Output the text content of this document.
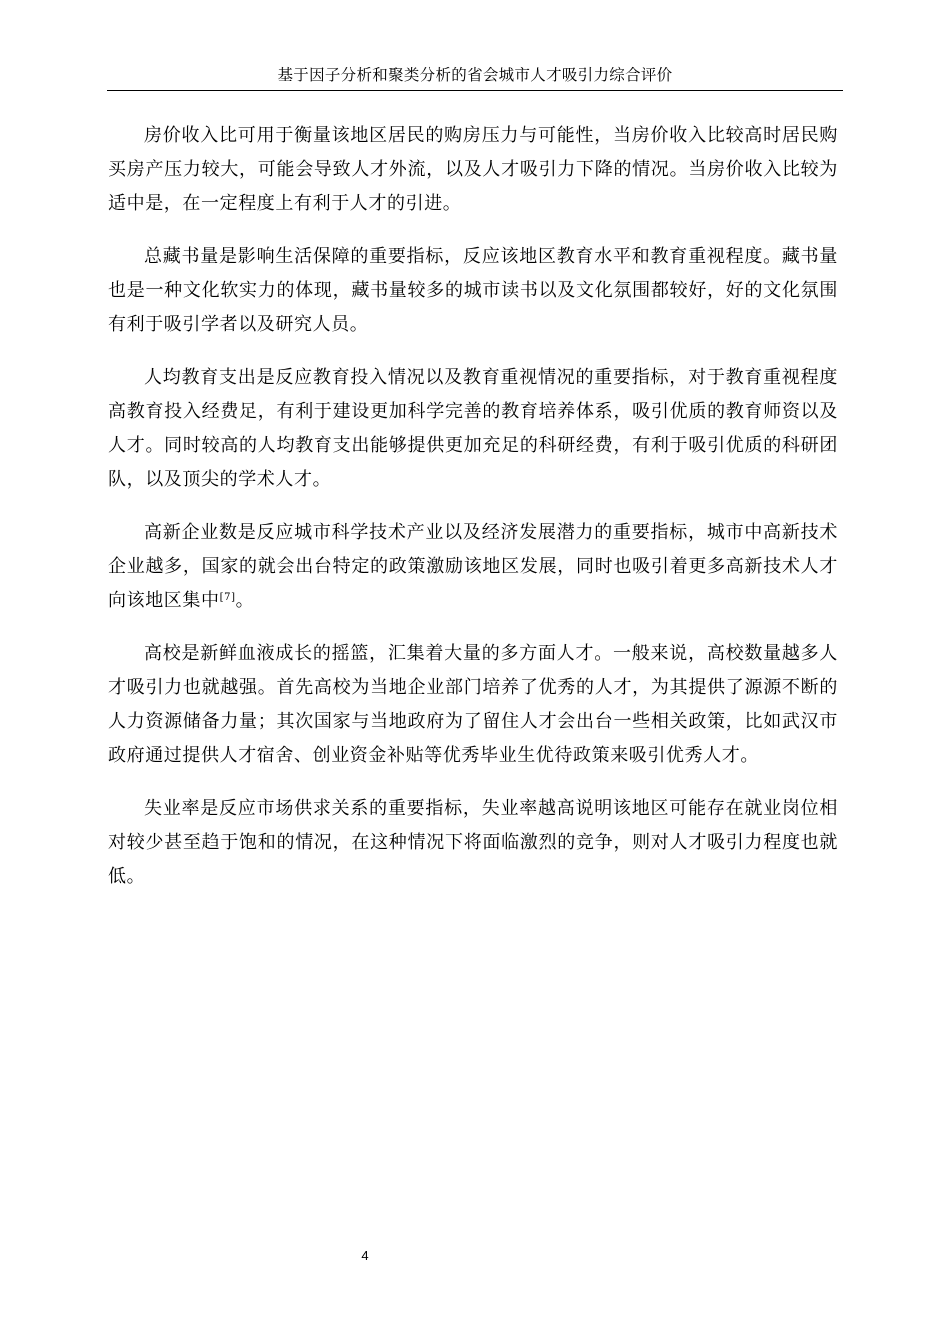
基于因子分析和聚类分析的省会城市人才吸引力综合评价

房价收入比可用于衡量该地区居民的购房压力与可能性，当房价收入比较高时居民购买房产压力较大，可能会导致人才外流，以及人才吸引力下降的情况。当房价收入比较为适中是，在一定程度上有利于人才的引进。

总藏书量是影响生活保障的重要指标，反应该地区教育水平和教育重视程度。藏书量也是一种文化软实力的体现，藏书量较多的城市读书以及文化氛围都较好，好的文化氛围有利于吸引学者以及研究人员。

人均教育支出是反应教育投入情况以及教育重视情况的重要指标，对于教育重视程度高教育投入经费足，有利于建设更加科学完善的教育培养体系，吸引优质的教育师资以及人才。同时较高的人均教育支出能够提供更加充足的科研经费，有利于吸引优质的科研团队，以及顶尖的学术人才。

高新企业数是反应城市科学技术产业以及经济发展潜力的重要指标，城市中高新技术企业越多，国家的就会出台特定的政策激励该地区发展，同时也吸引着更多高新技术人才向该地区集中[7]。

高校是新鲜血液成长的摇篮，汇集着大量的多方面人才。一般来说，高校数量越多人才吸引力也就越强。首先高校为当地企业部门培养了优秀的人才，为其提供了源源不断的人力资源储备力量；其次国家与当地政府为了留住人才会出台一些相关政策，比如武汉市政府通过提供人才宿舍、创业资金补贴等优秀毕业生优待政策来吸引优秀人才。

失业率是反应市场供求关系的重要指标，失业率越高说明该地区可能存在就业岗位相对较少甚至趋于饱和的情况，在这种情况下将面临激烈的竞争，则对人才吸引力程度也就低。

4
